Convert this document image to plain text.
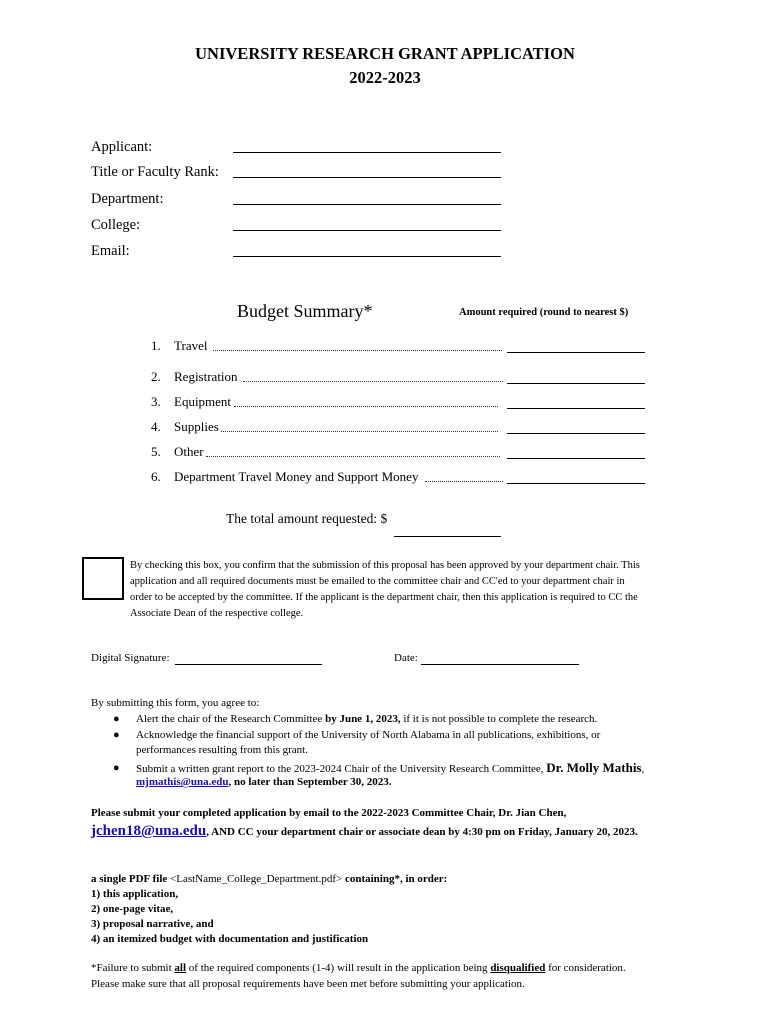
UNIVERSITY RESEARCH GRANT APPLICATION
2022-2023
Applicant:
Title or Faculty Rank:
Department:
College:
Email:
Budget Summary*	Amount required (round to nearest $)
1. Travel
2. Registration
3. Equipment
4. Supplies
5. Other
6. Department Travel Money and Support Money
The total amount requested: $
By checking this box, you confirm that the submission of this proposal has been approved by your department chair. This application and all required documents must be emailed to the committee chair and CC'ed to your department chair in order to be accepted by the committee. If the applicant is the department chair, then this application is required to CC the Associate Dean of the respective college.
Digital Signature:	Date:
By submitting this form, you agree to:
● Alert the chair of the Research Committee by June 1, 2023, if it is not possible to complete the research.
● Acknowledge the financial support of the University of North Alabama in all publications, exhibitions, or
performances resulting from this grant.
● Submit a written grant report to the 2023-2024 Chair of the University Research Committee, Dr. Molly Mathis,
mjmathis@una.edu, no later than September 30, 2023.
Please submit your completed application by email to the 2022-2023 Committee Chair, Dr. Jian Chen,
jchen18@una.edu, AND CC your department chair or associate dean by 4:30 pm on Friday, January 20, 2023.
a single PDF file <LastName_College_Department.pdf> containing*, in order:
1) this application,
2) one-page vitae,
3) proposal narrative, and
4) an itemized budget with documentation and justification
*Failure to submit all of the required components (1-4) will result in the application being disqualified for consideration.
Please make sure that all proposal requirements have been met before submitting your application.
